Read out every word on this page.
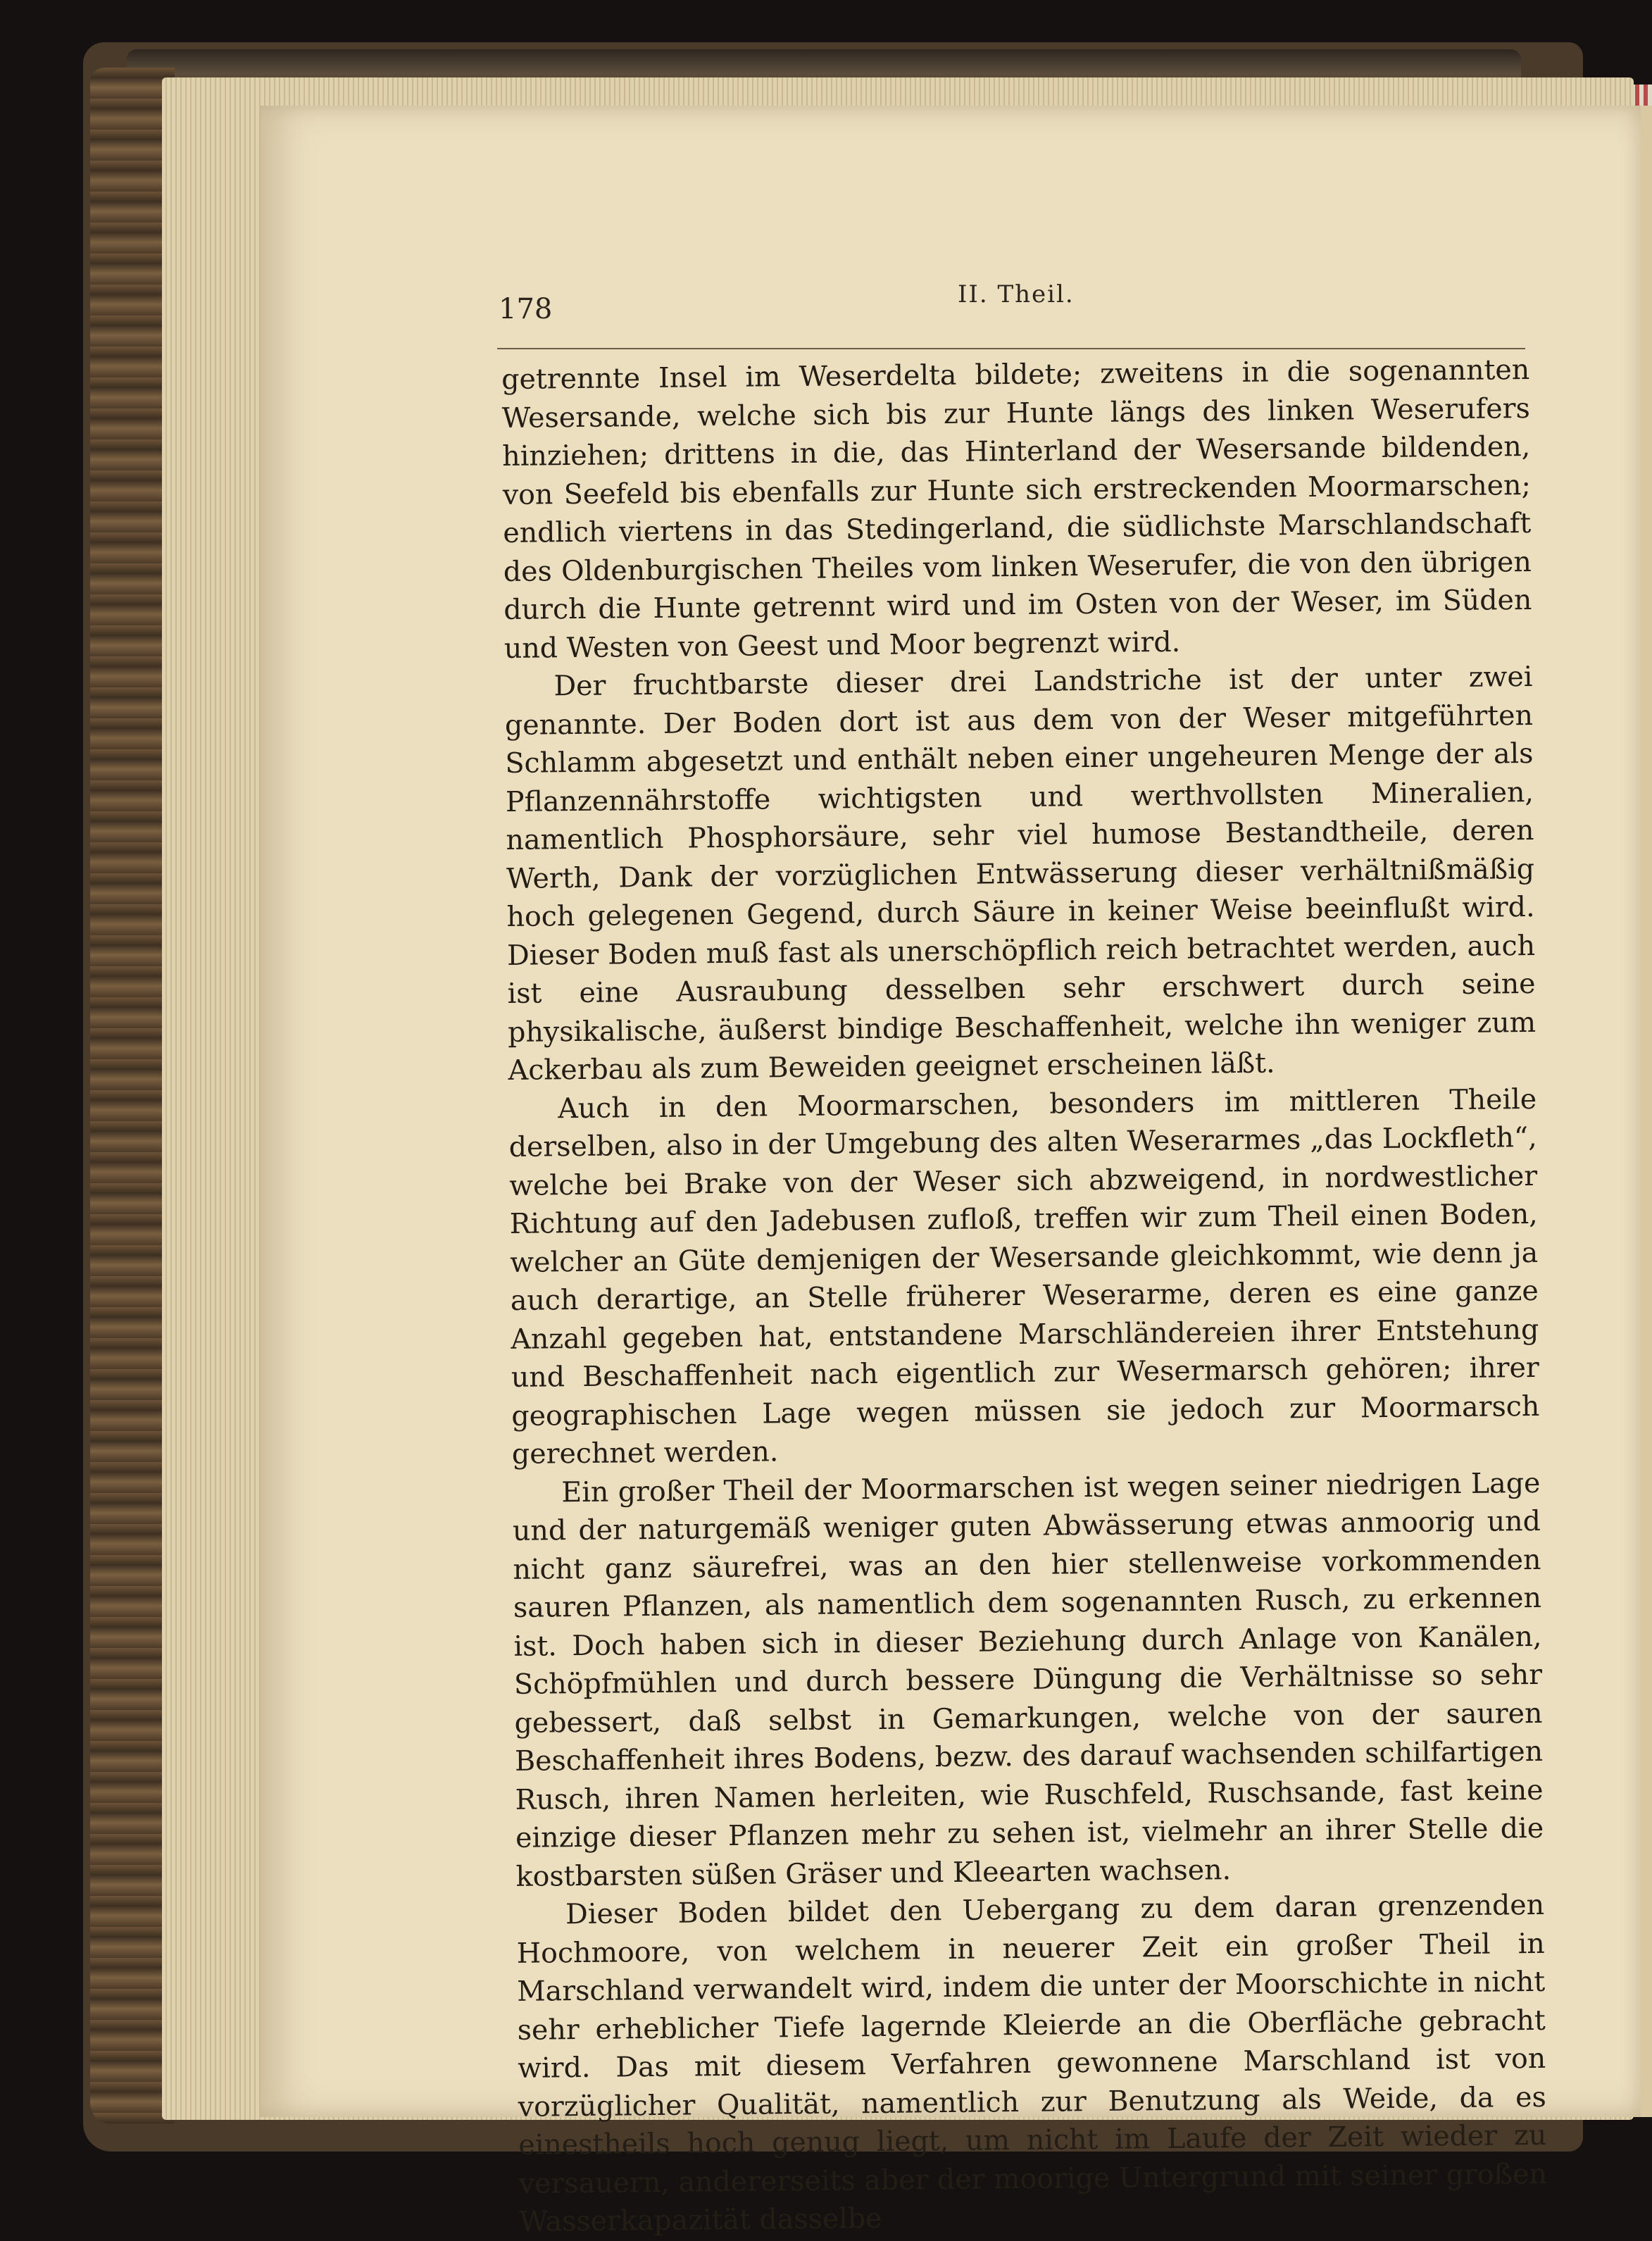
178	II. Theil.

getrennte Insel im Weserdelta bildete; zweitens in die sogenannten Wesersande, welche sich bis zur Hunte längs des linken Weserufers hinziehen; drittens in die, das Hinterland der Wesersande bildenden, von Seefeld bis ebenfalls zur Hunte sich erstreckenden Moormarschen; endlich viertens in das Stedingerland, die südlichste Marschlandschaft des Oldenburgischen Theiles vom linken Weserufer, die von den übrigen durch die Hunte getrennt wird und im Osten von der Weser, im Süden und Westen von Geest und Moor begrenzt wird.

Der fruchtbarste dieser drei Landstriche ist der unter zwei genannte. Der Boden dort ist aus dem von der Weser mitgeführten Schlamm abgesetzt und enthält neben einer ungeheuren Menge der als Pflanzennährstoffe wichtigsten und werthvollsten Mineralien, namentlich Phosphorsäure, sehr viel humose Bestandtheile, deren Werth, Dank der vorzüglichen Entwässerung dieser verhältnißmäßig hoch gelegenen Gegend, durch Säure in keiner Weise beeinflußt wird. Dieser Boden muß fast als unerschöpflich reich betrachtet werden, auch ist eine Ausraubung desselben sehr erschwert durch seine physikalische, äußerst bindige Beschaffenheit, welche ihn weniger zum Ackerbau als zum Beweiden geeignet erscheinen läßt.

Auch in den Moormarschen, besonders im mittleren Theile derselben, also in der Umgebung des alten Weserarmes „das Lockfleth“, welche bei Brake von der Weser sich abzweigend, in nordwestlicher Richtung auf den Jadebusen zufloß, treffen wir zum Theil einen Boden, welcher an Güte demjenigen der Wesersande gleichkommt, wie denn ja auch derartige, an Stelle früherer Weserarme, deren es eine ganze Anzahl gegeben hat, entstandene Marschländereien ihrer Entstehung und Beschaffenheit nach eigentlich zur Wesermarsch gehören; ihrer geographischen Lage wegen müssen sie jedoch zur Moormarsch gerechnet werden.

Ein großer Theil der Moormarschen ist wegen seiner niedrigen Lage und der naturgemäß weniger guten Abwässerung etwas anmoorig und nicht ganz säurefrei, was an den hier stellenweise vorkommenden sauren Pflanzen, als namentlich dem sogenannten Rusch, zu erkennen ist. Doch haben sich in dieser Beziehung durch Anlage von Kanälen, Schöpfmühlen und durch bessere Düngung die Verhältnisse so sehr gebessert, daß selbst in Gemarkungen, welche von der sauren Beschaffenheit ihres Bodens, bezw. des darauf wachsenden schilfartigen Rusch, ihren Namen herleiten, wie Ruschfeld, Ruschsande, fast keine einzige dieser Pflanzen mehr zu sehen ist, vielmehr an ihrer Stelle die kostbarsten süßen Gräser und Kleearten wachsen.

Dieser Boden bildet den Uebergang zu dem daran grenzenden Hochmoore, von welchem in neuerer Zeit ein großer Theil in Marschland verwandelt wird, indem die unter der Moorschichte in nicht sehr erheblicher Tiefe lagernde Kleierde an die Oberfläche gebracht wird. Das mit diesem Verfahren gewonnene Marschland ist von vorzüglicher Qualität, namentlich zur Benutzung als Weide, da es einestheils hoch genug liegt, um nicht im Laufe der Zeit wieder zu versauern, andererseits aber der moorige Untergrund mit seiner großen Wasserkapazität dasselbe
